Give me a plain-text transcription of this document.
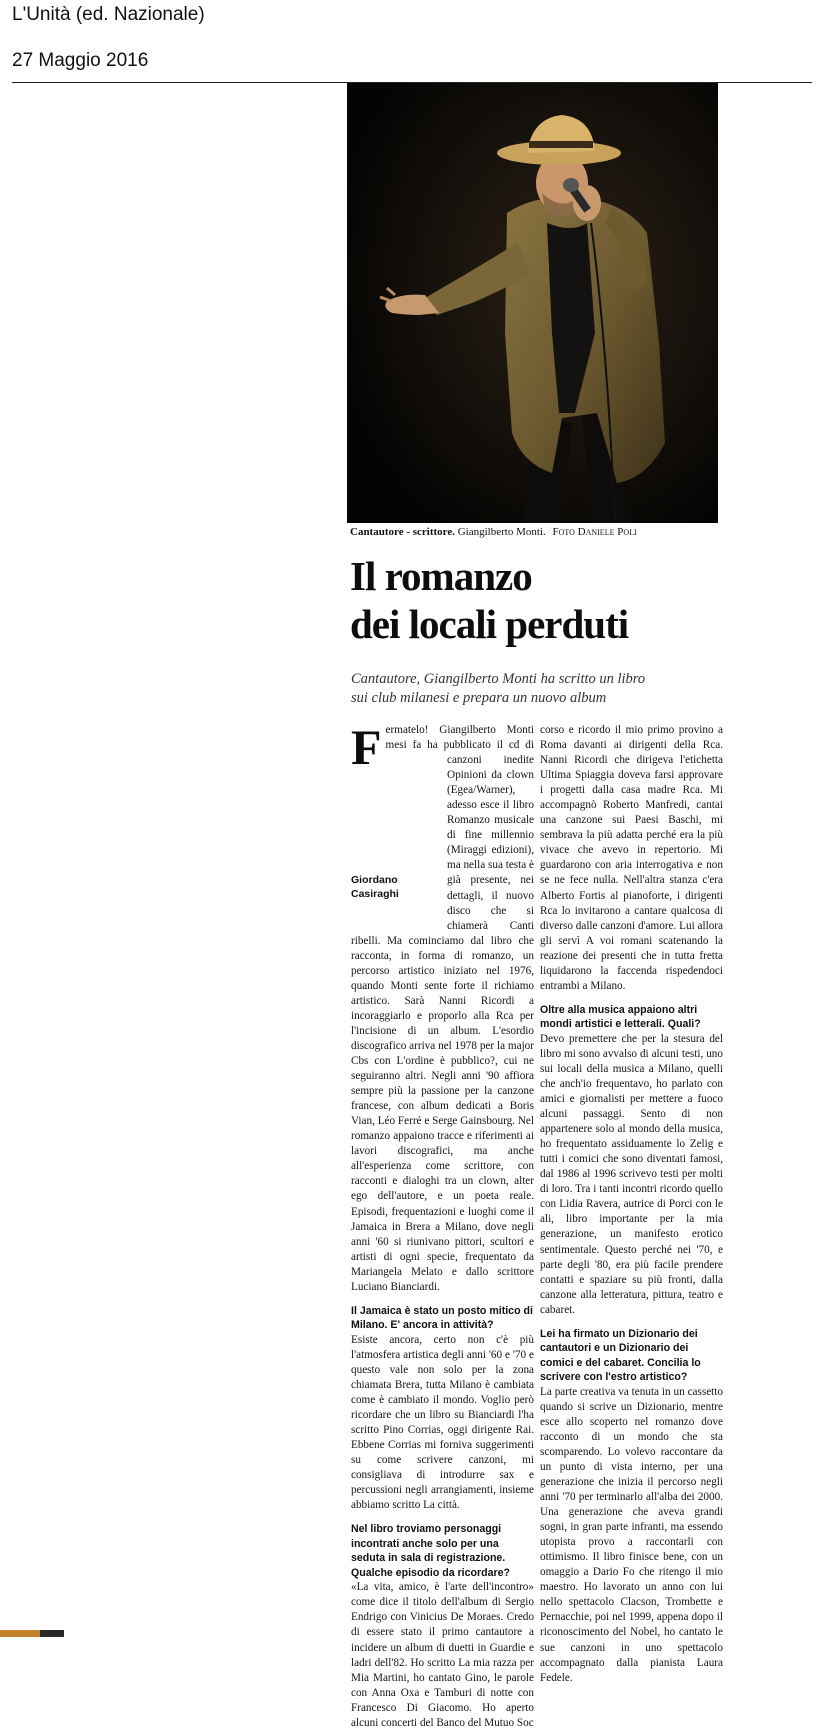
L'Unità (ed. Nazionale)
27 Maggio 2016
Cantautore - scrittore. Giangilberto Monti. Foto Daniele Poli
Il romanzo
dei locali perduti
Cantautore, Giangilberto Monti ha scritto un libro
sui club milanesi e prepara un nuovo album
F
Giordano
Casiraghi
ermatelo! Giangilberto Monti mesi fa ha pubblicato il cd di canzoni inedite Opinioni da clown (Egea/Warner), adesso esce il libro Romanzo musicale di fine millennio (Miraggi edizioni), ma nella sua testa è già presente, nei dettagli, il nuovo disco che si chiamerà Canti ribelli. Ma cominciamo dal libro che racconta, in forma di romanzo, un percorso artistico iniziato nel 1976, quando Monti sente forte il richiamo artistico. Sarà Nanni Ricordi a incoraggiarlo e proporlo alla Rca per l'incisione di un album. L'esordio discografico arriva nel 1978 per la major Cbs con L'ordine è pubblico?, cui ne seguiranno altri. Negli anni '90 affiora sempre più la passione per la canzone francese, con album dedicati a Boris Vian, Léo Ferré e Serge Gainsbourg. Nel romanzo appaiono tracce e riferimenti ai lavori discografici, ma anche all'esperienza come scrittore, con racconti e dialoghi tra un clown, alter ego dell'autore, e un poeta reale. Episodi, frequentazioni e luoghi come il Jamaica in Brera a Milano, dove negli anni '60 si riunivano pittori, scultori e artisti di ogni specie, frequentato da Mariangela Melato e dallo scrittore Luciano Bianciardi.

Il Jamaica è stato un posto mitico di Milano. E' ancora in attività?

Esiste ancora, certo non c'è più l'atmosfera artistica degli anni '60 e '70 e questo vale non solo per la zona chiamata Brera, tutta Milano è cambiata come è cambiato il mondo. Voglio però ricordare che un libro su Bianciardi l'ha scritto Pino Corrias, oggi dirigente Rai. Ebbene Corrias mi forniva suggerimenti su come scrivere canzoni, mi consigliava di introdurre sax e percussioni negli arrangiamenti, insieme abbiamo scritto La città.

Nel libro troviamo personaggi incontrati anche solo per una seduta in sala di registrazione. Qualche episodio da ricordare?

«La vita, amico, è l'arte dell'incontro» come dice il titolo dell'album di Sergio Endrigo con Vinicius De Moraes. Credo di essere stato il primo cantautore a incidere un album di duetti in Guardie e ladri dell'82. Ho scritto La mia razza per Mia Martini, ho cantato Gino, le parole con Anna Oxa e Tamburi di notte con Francesco Di Giacomo. Ho aperto alcuni concerti del Banco del Mutuo Soc

corso e ricordo il mio primo provino a Roma davanti ai dirigenti della Rca. Nanni Ricordi che dirigeva l'etichetta Ultima Spiaggia doveva farsi approvare i progetti dalla casa madre Rca. Mi accompagnò Roberto Manfredi, cantai una canzone sui Paesi Baschi, mi sembrava la più adatta perché era la più vivace che avevo in repertorio. Mi guardarono con aria interrogativa e non se ne fece nulla. Nell'altra stanza c'era Alberto Fortis al pianoforte, i dirigenti Rca lo invitarono a cantare qualcosa di diverso dalle canzoni d'amore. Lui allora gli servì A voi romani scatenando la reazione dei presenti che in tutta fretta liquidarono la faccenda rispedendoci entrambi a Milano.

Oltre alla musica appaiono altri mondi artistici e letterali. Quali?

Devo premettere che per la stesura del libro mi sono avvalso di alcuni testi, uno sui locali della musica a Milano, quelli che anch'io frequentavo, ho parlato con amici e giornalisti per mettere a fuoco alcuni passaggi. Sento di non appartenere solo al mondo della musica, ho frequentato assiduamente lo Zelig e tutti i comici che sono diventati famosi, dal 1986 al 1996 scrivevo testi per molti di loro. Tra i tanti incontri ricordo quello con Lidia Ravera, autrice di Porci con le ali, libro importante per la mia generazione, un manifesto erotico sentimentale. Questo perché nei '70, e parte degli '80, era più facile prendere contatti e spaziare su più fronti, dalla canzone alla letteratura, pittura, teatro e cabaret.

Lei ha firmato un Dizionario dei cantautori e un Dizionario dei comici e del cabaret. Concilia lo scrivere con l'estro artistico?

La parte creativa va tenuta in un cassetto quando si scrive un Dizionario, mentre esce allo scoperto nel romanzo dove racconto di un mondo che sta scomparendo. Lo volevo raccontare da un punto di vista interno, per una generazione che inizia il percorso negli anni '70 per terminarlo all'alba dei 2000. Una generazione che aveva grandi sogni, in gran parte infranti, ma essendo utopista provo a raccontarli con ottimismo. Il libro finisce bene, con un omaggio a Dario Fo che ritengo il mio maestro. Ho lavorato un anno con lui nello spettacolo Clacson, Trombette e Pernacchie, poi nel 1999, appena dopo il riconoscimento del Nobel, ho cantato le sue canzoni in uno spettacolo accompagnato dalla pianista Laura Fedele.
